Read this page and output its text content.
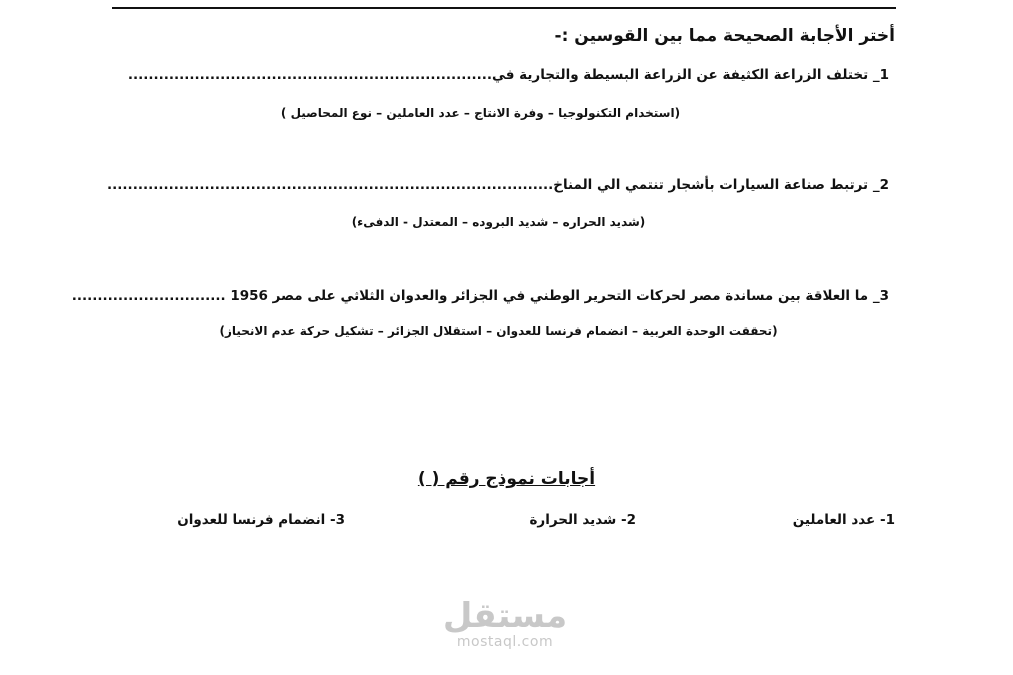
أختر الأجابة الصحيحة مما بين القوسين :-
1_ تختلف الزراعة الكثيفة عن الزراعة البسيطة والتجارية في.......................................................................
(استخدام التكنولوجيا – وفرة الانتاج – عدد العاملين – نوع المحاصيل )
2_ ترتبط صناعة السيارات بأشجار تنتمي الي المناخ.......................................................................................
(شديد الحراره – شديد البروده – المعتدل - الدفىء)
3_ ما العلاقة بين مساندة مصر لحركات التحرير الوطني في الجزائر والعدوان الثلاثي على مصر 1956 ..............................
(تحققت الوحدة العربية – انضمام فرنسا للعدوان – استقلال الجزائر – تشكيل حركة عدم الانحياز)
أجابات نموذج رقم ( )
1- عدد العاملين
2- شديد الحرارة
3- انضمام فرنسا للعدوان
مستقل
mostaql.com
